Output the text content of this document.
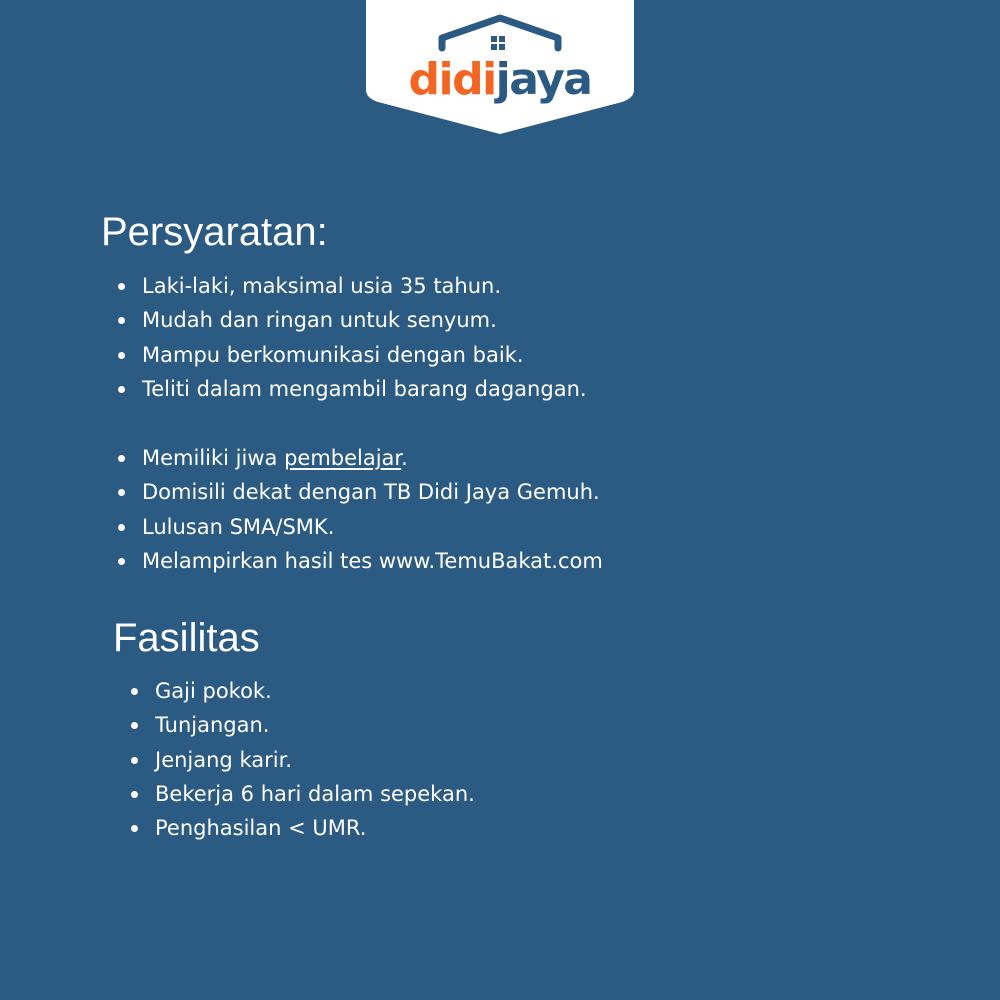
didijaya
Persyaratan:
Laki-laki, maksimal usia 35 tahun.
Mudah dan ringan untuk senyum.
Mampu berkomunikasi dengan baik.
Teliti dalam mengambil barang dagangan.
Memiliki jiwa pembelajar.
Domisili dekat dengan TB Didi Jaya Gemuh.
Lulusan SMA/SMK.
Melampirkan hasil tes www.TemuBakat.com
Fasilitas
Gaji pokok.
Tunjangan.
Jenjang karir.
Bekerja 6 hari dalam sepekan.
Penghasilan < UMR.
